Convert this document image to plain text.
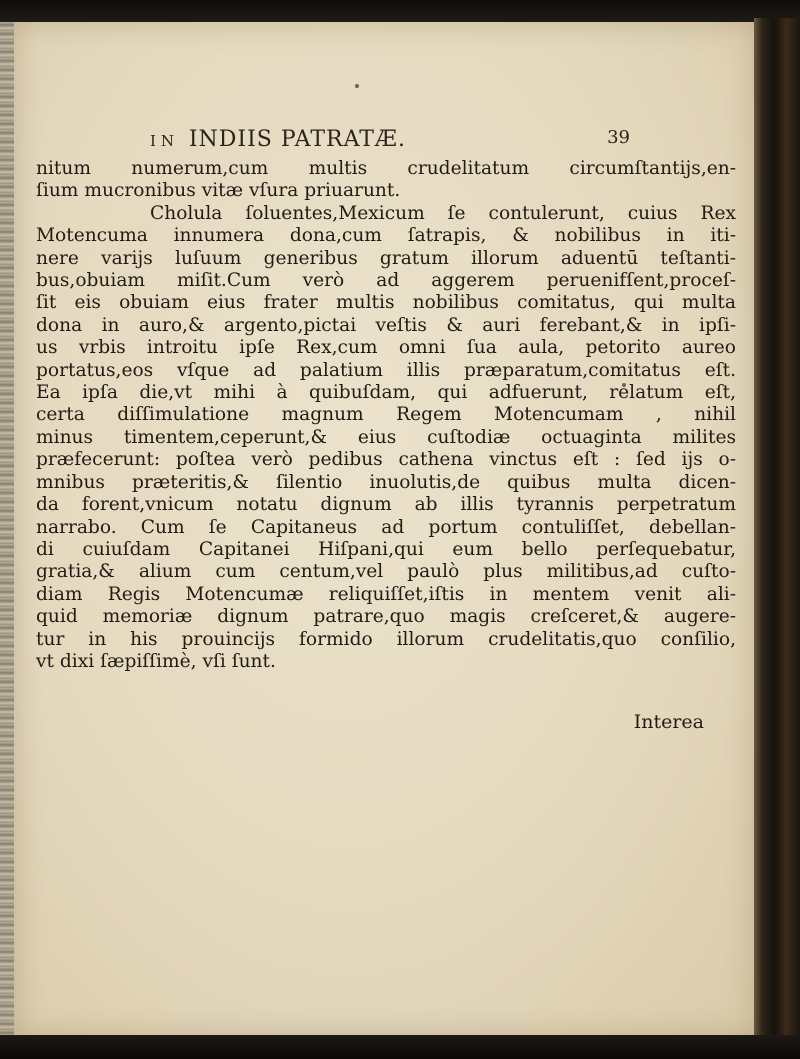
IN INDIIS PATRATÆ.	39
nitum numerum,cum multis crudelitatum circumſtantijs,en-
ſium mucronibus vitæ vſura priuarunt.
Cholula ſoluentes,Mexicum ſe contulerunt, cuius Rex
Motencuma innumera dona,cum ſatrapis, & nobilibus in iti-
nere varijs luſuum generibus gratum illorum aduentū teſtanti-
bus,obuiam miſit.Cum verò ad aggerem peruenifſent,proceſ-
ſit eis obuiam eius frater multis nobilibus comitatus, qui multa
dona in auro,& argento,pictai veſtis & auri ferebant,& in ipſi-
us vrbis introitu ipſe Rex,cum omni ſua aula, petorito aureo
portatus,eos vſque ad palatium illis præparatum,comitatus eſt.
Ea ipſa die,vt mihi à quibuſdam, qui adfuerunt, relatum eſt,
certa diſſimulatione magnum Regem Motencumam , nihil
minus timentem,ceperunt,& eius cuſtodiæ octuaginta milites
præfecerunt: poſtea verò pedibus cathena vinctus eſt : ſed ijs o-
mnibus præteritis,& ſilentio inuolutis,de quibus multa dicen-
da forent,vnicum notatu dignum ab illis tyrannis perpetratum
narrabo. Cum ſe Capitaneus ad portum contuliſſet, debellan-
di cuiuſdam Capitanei Hiſpani,qui eum bello perſequebatur,
gratia,& alium cum centum,vel paulò plus militibus,ad cuſto-
diam Regis Motencumæ reliquiſſet,iſtis in mentem venit ali-
quid memoriæ dignum patrare,quo magis creſceret,& augere-
tur in his prouincijs formido illorum crudelitatis,quo conſilio,
vt dixi ſæpiſſimè, vſi ſunt.
Interea
